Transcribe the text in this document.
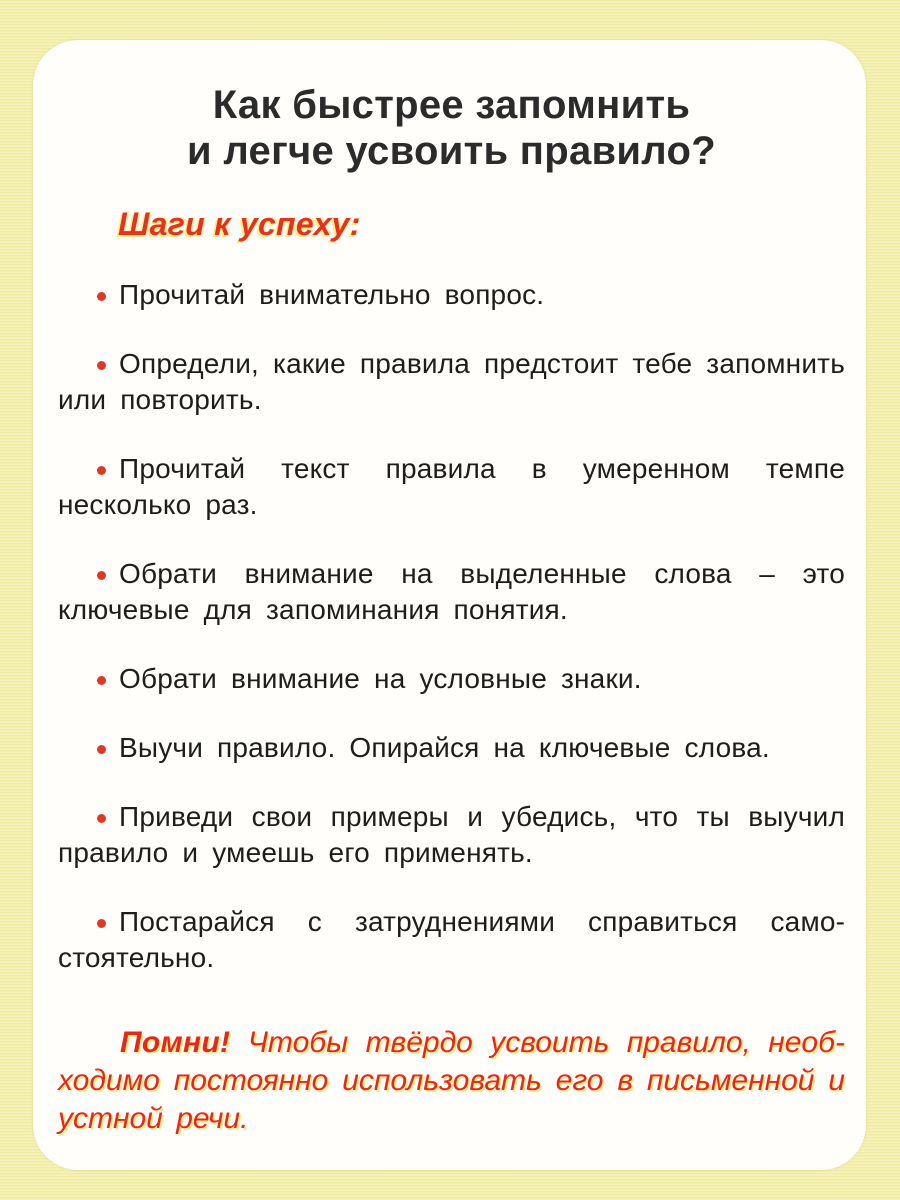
Как быстрее запомнить
и легче усвоить правило?
Шаги к успеху:

Прочитай внимательно вопрос.

Определи, какие правила предстоит тебе запомнить или повторить.

Прочитай текст правила в умеренном темпе несколько раз.

Обрати внимание на выделенные слова – это ключевые для запоминания понятия.

Обрати внимание на условные знаки.

Выучи правило. Опирайся на ключевые слова.

Приведи свои примеры и убедись, что ты выучил правило и умеешь его применять.

Постарайся с затруднениями справиться самостоятельно.

Помни! Чтобы твёрдо усвоить правило, необходимо постоянно использовать его в письменной и устной речи.
